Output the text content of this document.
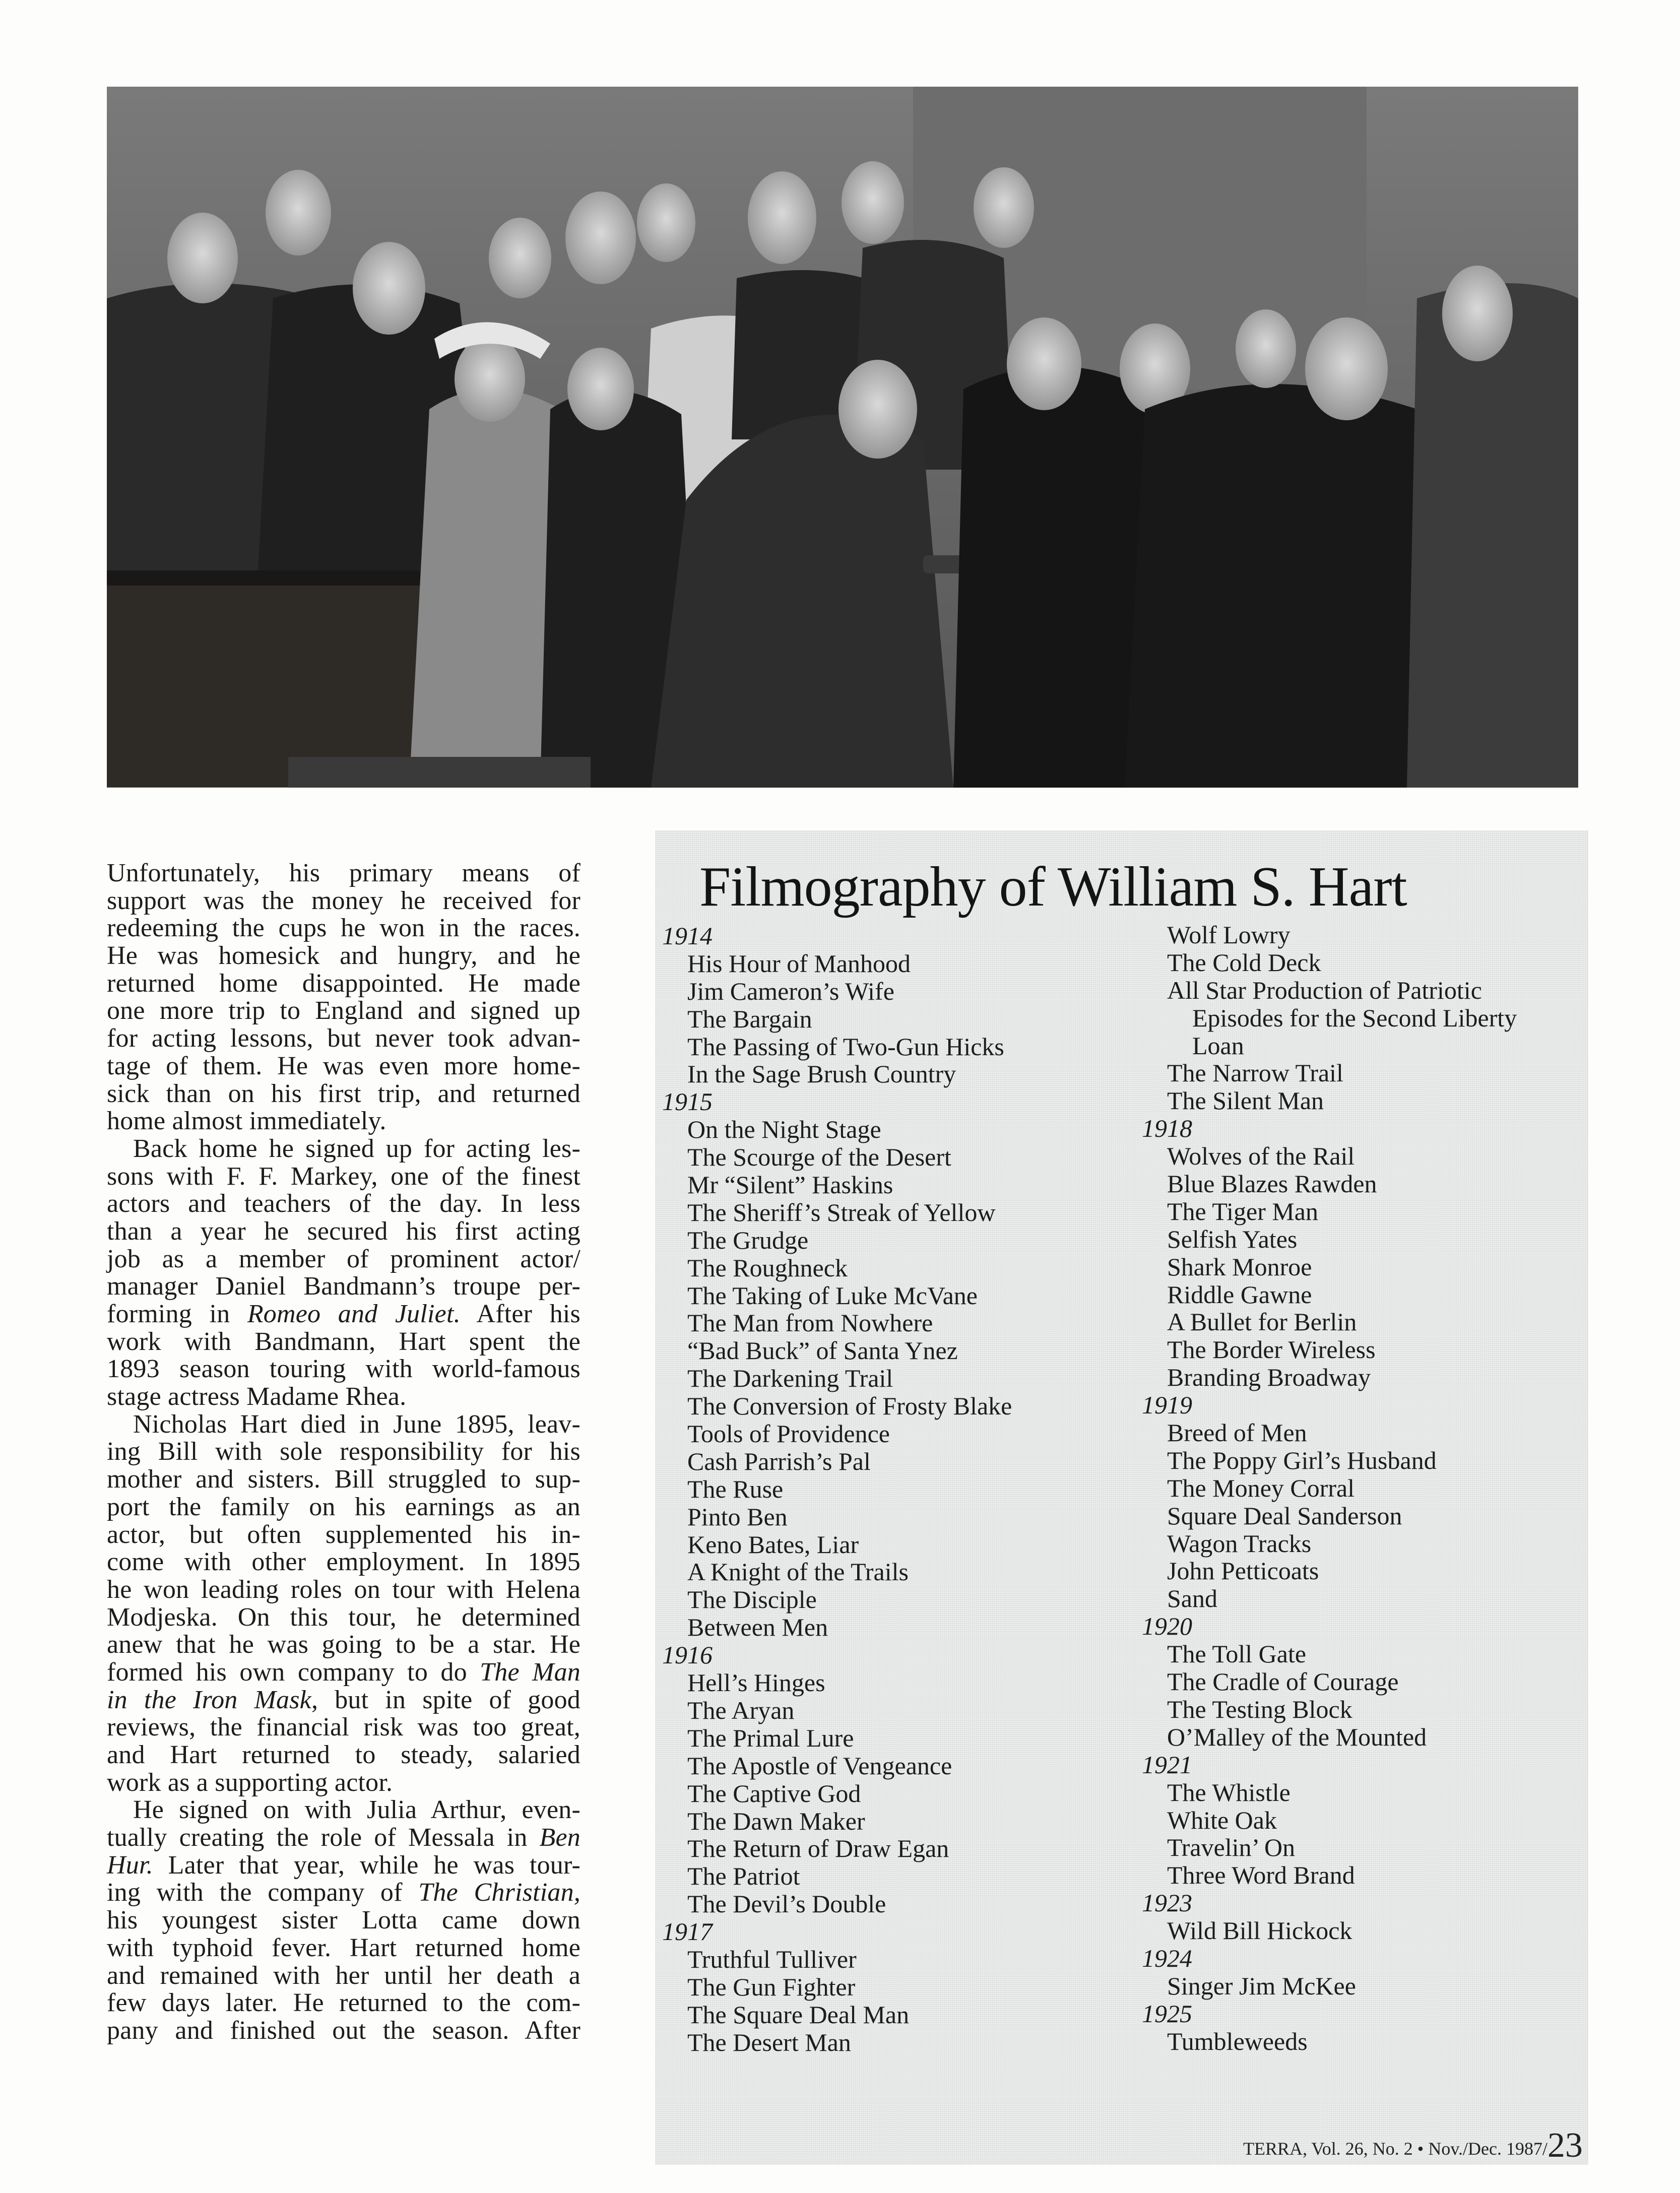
Unfortunately, his primary means of
support was the money he received for
redeeming the cups he won in the races.
He was homesick and hungry, and he
returned home disappointed. He made
one more trip to England and signed up
for acting lessons, but never took advan-
tage of them. He was even more home-
sick than on his first trip, and returned
home almost immediately.
Back home he signed up for acting les-
sons with F. F. Markey, one of the finest
actors and teachers of the day. In less
than a year he secured his first acting
job as a member of prominent actor/
manager Daniel Bandmann’s troupe per-
forming in Romeo and Juliet. After his
work with Bandmann, Hart spent the
1893 season touring with world-famous
stage actress Madame Rhea.
Nicholas Hart died in June 1895, leav-
ing Bill with sole responsibility for his
mother and sisters. Bill struggled to sup-
port the family on his earnings as an
actor, but often supplemented his in-
come with other employment. In 1895
he won leading roles on tour with Helena
Modjeska. On this tour, he determined
anew that he was going to be a star. He
formed his own company to do The Man
in the Iron Mask, but in spite of good
reviews, the financial risk was too great,
and Hart returned to steady, salaried
work as a supporting actor.
He signed on with Julia Arthur, even-
tually creating the role of Messala in Ben
Hur. Later that year, while he was tour-
ing with the company of The Christian,
his youngest sister Lotta came down
with typhoid fever. Hart returned home
and remained with her until her death a
few days later. He returned to the com-
pany and finished out the season. After
Filmography of William S. Hart
1914
His Hour of Manhood
Jim Cameron’s Wife
The Bargain
The Passing of Two-Gun Hicks
In the Sage Brush Country
1915
On the Night Stage
The Scourge of the Desert
Mr “Silent” Haskins
The Sheriff’s Streak of Yellow
The Grudge
The Roughneck
The Taking of Luke McVane
The Man from Nowhere
“Bad Buck” of Santa Ynez
The Darkening Trail
The Conversion of Frosty Blake
Tools of Providence
Cash Parrish’s Pal
The Ruse
Pinto Ben
Keno Bates, Liar
A Knight of the Trails
The Disciple
Between Men
1916
Hell’s Hinges
The Aryan
The Primal Lure
The Apostle of Vengeance
The Captive God
The Dawn Maker
The Return of Draw Egan
The Patriot
The Devil’s Double
1917
Truthful Tulliver
The Gun Fighter
The Square Deal Man
The Desert Man
Wolf Lowry
The Cold Deck
All Star Production of Patriotic
Episodes for the Second Liberty
Loan
The Narrow Trail
The Silent Man
1918
Wolves of the Rail
Blue Blazes Rawden
The Tiger Man
Selfish Yates
Shark Monroe
Riddle Gawne
A Bullet for Berlin
The Border Wireless
Branding Broadway
1919
Breed of Men
The Poppy Girl’s Husband
The Money Corral
Square Deal Sanderson
Wagon Tracks
John Petticoats
Sand
1920
The Toll Gate
The Cradle of Courage
The Testing Block
O’Malley of the Mounted
1921
The Whistle
White Oak
Travelin’ On
Three Word Brand
1923
Wild Bill Hickock
1924
Singer Jim McKee
1925
Tumbleweeds
TERRA, Vol. 26, No. 2 • Nov./Dec. 1987/23
